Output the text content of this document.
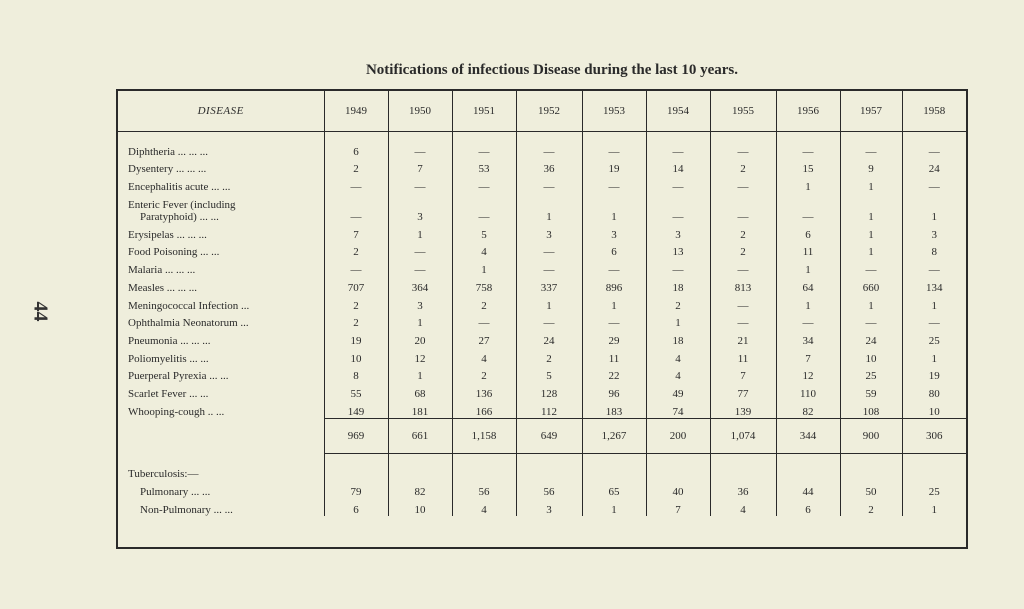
44
Notifications of infectious Disease during the last 10 years.
DISEASE	1949	1950	1951	1952	1953	1954	1955	1956	1957	1958

Diphtheria ... ... ...	6	—	—	—	—	—	—	—	—	—
Dysentery ... ... ...	2	7	53	36	19	14	2	15	9	24
Encephalitis acute ... ...	—	—	—	—	—	—	—	1	1	—
Enteric Fever (including
Paratyphoid) ... ...	—	3	—	1	1	—	—	—	1	1
Erysipelas ... ... ...	7	1	5	3	3	3	2	6	1	3
Food Poisoning ... ...	2	—	4	—	6	13	2	11	1	8
Malaria ... ... ...	—	—	1	—	—	—	—	1	—	—
Measles ... ... ...	707	364	758	337	896	18	813	64	660	134
Meningococcal Infection ...	2	3	2	1	1	2	—	1	1	1
Ophthalmia Neonatorum ...	2	1	—	—	—	1	—	—	—	—
Pneumonia ... ... ...	19	20	27	24	29	18	21	34	24	25
Poliomyelitis ... ...	10	12	4	2	11	4	11	7	10	1
Puerperal Pyrexia ... ...	8	1	2	5	22	4	7	12	25	19
Scarlet Fever ... ...	55	68	136	128	96	49	77	110	59	80
Whooping-cough .. ...	149	181	166	112	183	74	139	82	108	10
	969	661	1,158	649	1,267	200	1,074	344	900	306

Tuberculosis:—										
Pulmonary ... ...	79	82	56	56	65	40	36	44	50	25
Non-Pulmonary ... ...	6	10	4	3	1	7	4	6	2	1
